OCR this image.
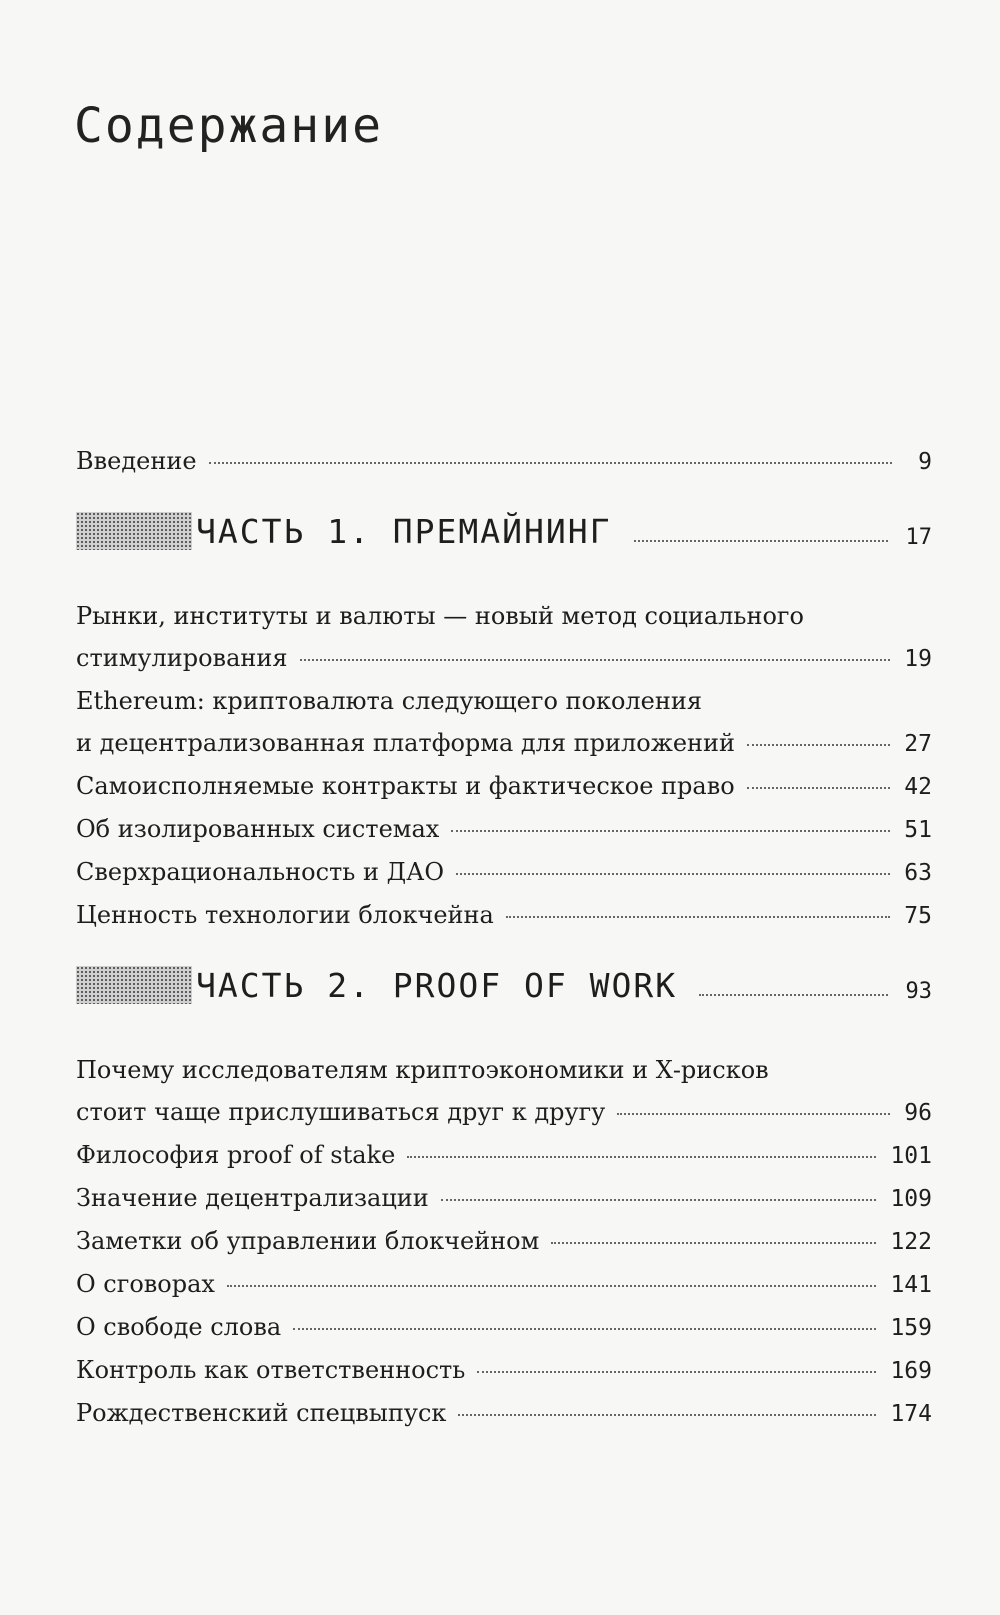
Содержание
Введение	9
ЧАСТЬ 1. ПРЕМАЙНИНГ	17
Рынки, институты и валюты — новый метод социального
стимулирования	19
Ethereum: криптовалюта следующего поколения
и децентрализованная платформа для приложений	27
Самоисполняемые контракты и фактическое право	42
Об изолированных системах	51
Сверхрациональность и ДАО	63
Ценность технологии блокчейна	75
ЧАСТЬ 2. PROOF OF WORK	93
Почему исследователям криптоэкономики и Х-рисков
стоит чаще прислушиваться друг к другу	96
Философия proof of stake	101
Значение децентрализации	109
Заметки об управлении блокчейном	122
О сговорах	141
О свободе слова	159
Контроль как ответственность	169
Рождественский спецвыпуск	174
